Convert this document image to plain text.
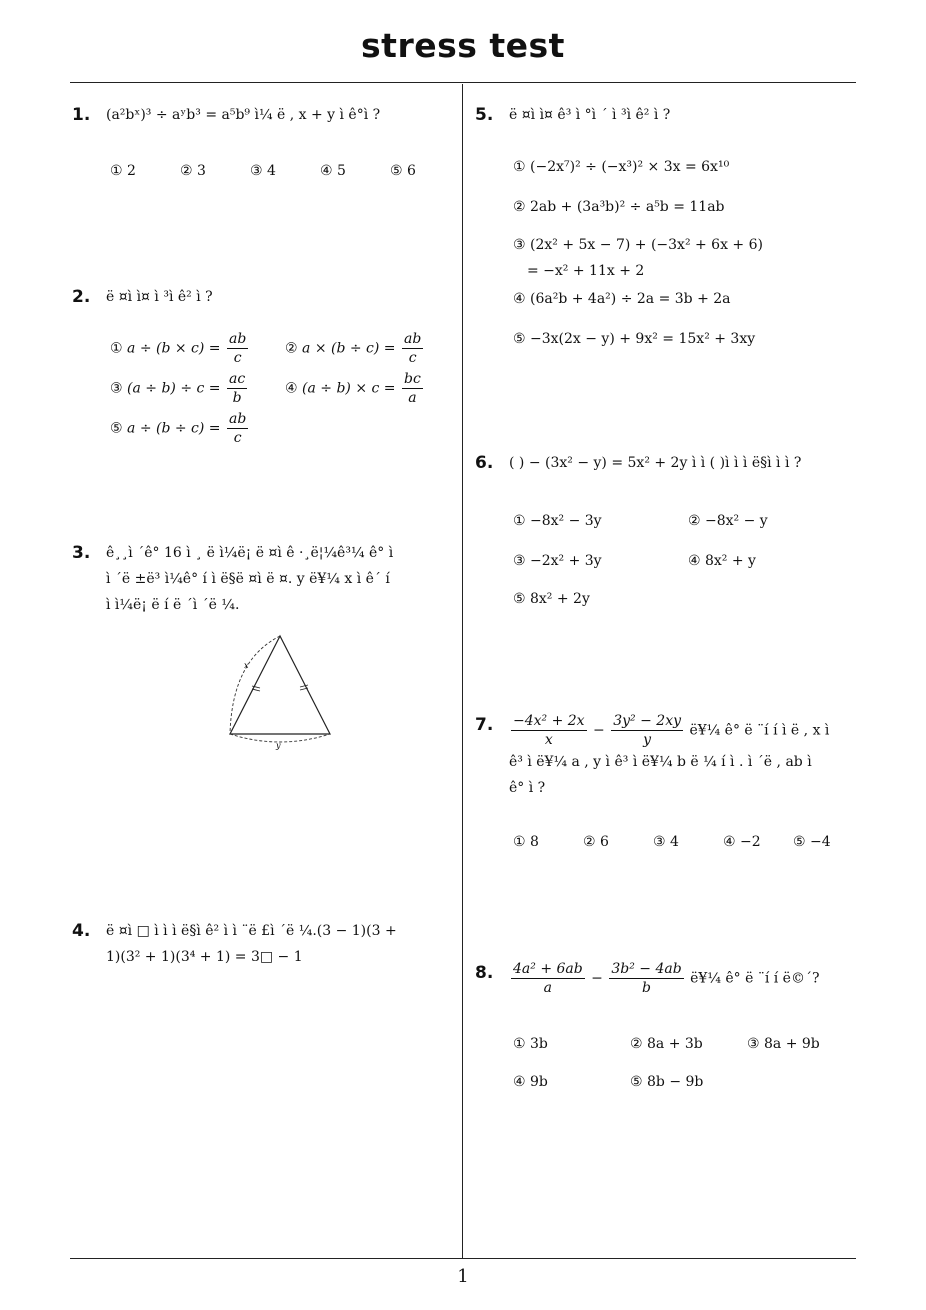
stress test
1
1. (a²bˣ)³ ÷ aʸb³ = a⁵b⁹ ì¼ ë , x + y ì ê°ì ?
① 2	② 3	③ 4	④ 5	⑤ 6
2. ë ¤ì ì¤ ì ³ì ê² ì ?
① $a \div (b \times c) = \frac{ab}{c}$	② $a \times (b \div c) = \frac{ab}{c}$
③ $(a \div b) \div c = \frac{ac}{b}$	④ $(a \div b) \times c = \frac{bc}{a}$
⑤ $a \div (b \div c) = \frac{ab}{c}$
3. ê¸¸ì ´ê° 16 ì ¸ ë ì¼ë¡ ë ¤ì ê ·¸ë¦¼ê³¼ ê° ì
ì ´ë ±ë³ ì¼ê° í ì ë§ë ¤ì ë ¤. y ë¥¼ x ì ê´ í
ì ì¼ë¡ ë í ë ´ì ´ë ¼.
x
y
4. ë ¤ì □ ì ì ì ë§ì ê² ì ì ¨ë £ì ´ë ¼.(3 − 1)(3 +
1)(3² + 1)(3⁴ + 1) = 3□ − 1
5. ë ¤ì ì¤ ê³ ì °ì ´ ì ³ì ê² ì ?
① (−2x⁷)² ÷ (−x³)² × 3x = 6x¹⁰
② 2ab + (3a³b)² ÷ a⁵b = 11ab
③ (2x² + 5x − 7) + (−3x² + 6x + 6)
= −x² + 11x + 2
④ (6a²b + 4a²) ÷ 2a = 3b + 2a
⑤ −3x(2x − y) + 9x² = 15x² + 3xy
6. ( ) − (3x² − y) = 5x² + 2y ì ì ( )ì ì ì ë§ì ì ì ?
① −8x² − 3y	② −8x² − y
③ −2x² + 3y	④ 8x² + y
⑤ 8x² + 2y
7. $\frac{\text{−4x² + 2x}}{x} - \frac{\text{3y² − 2xy}}{y}$ ë¥¼ ê° ë ¨í í ì ë , x ì
ê³ ì ë¥¼ a , y ì ê³ ì ë¥¼ b ë ¼ í ì . ì ´ë , ab ì
ê° ì ?
① 8	② 6	③ 4	④ −2 ⑤ −4
8. $\frac{\text{4a² + 6ab}}{a} - \frac{\text{3b² − 4ab}}{b}$ ë¥¼ ê° ë ¨í í ë©´?
① 3b	② 8a + 3b	③ 8a + 9b
④ 9b	⑤ 8b − 9b
